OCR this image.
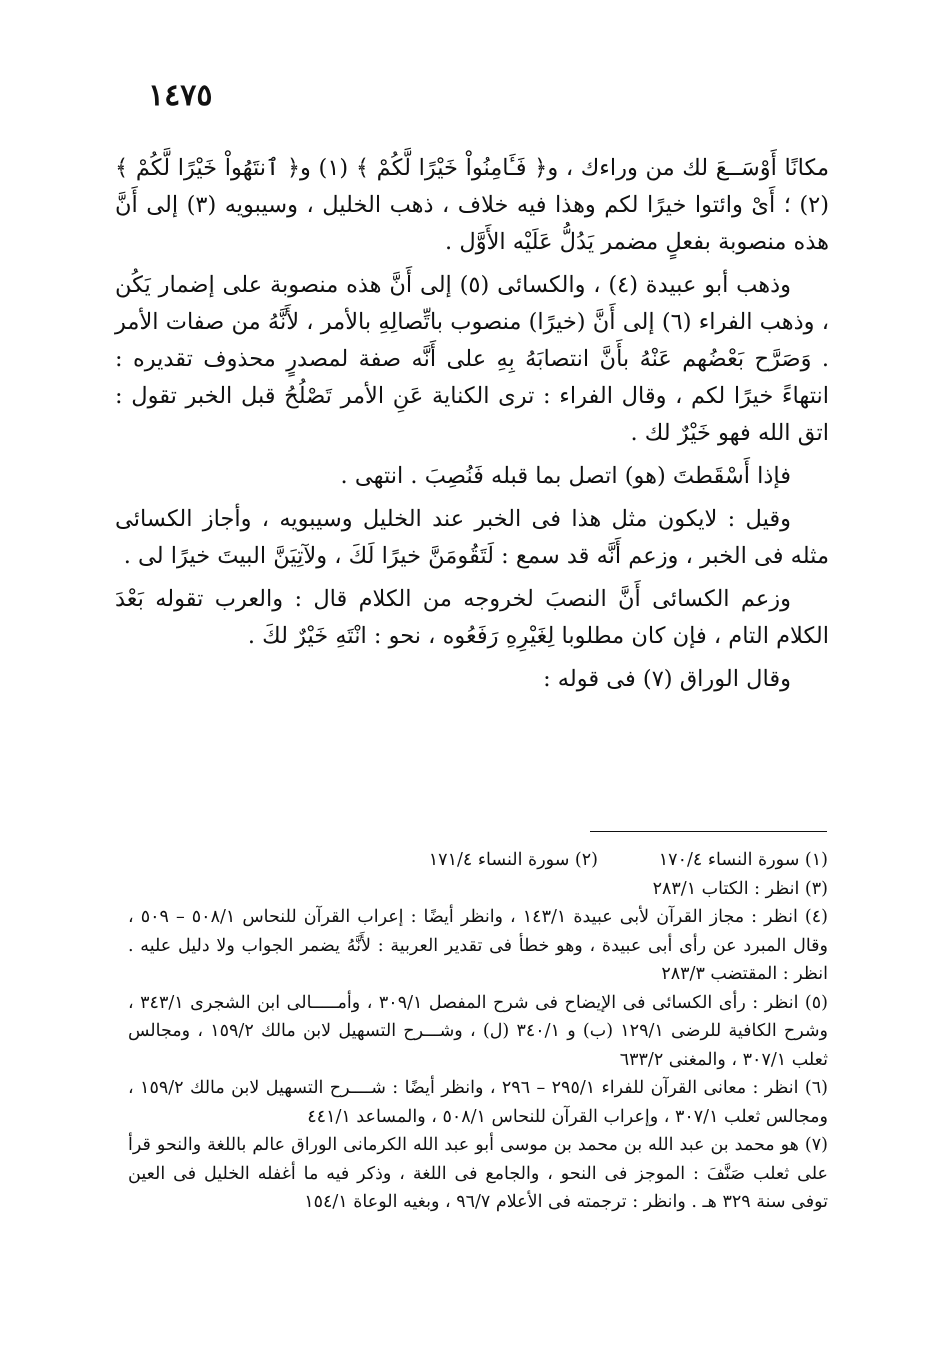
١٤٧٥

مكانًا أَوْسَــعَ لك من وراءك ، و﴿ فَـَٔامِنُواْ خَيْرًا لَّكُمْ ﴾ (١) و﴿ ٱنتَهُواْ خَيْرًا لَّكُمْ ﴾ (٢) ؛ أَىْ وائتوا خيرًا لكم وهذا فيه خلاف ، ذهب الخليل ، وسيبويه (٣) إلى أَنَّ هذه منصوبة بفعلٍ مضمر يَدُلُّ عَلَيْه الأَوَّل .

وذهب أبو عبيدة (٤) ، والكسائى (٥) إلى أَنَّ هذه منصوبة على إضمار يَكُن ، وذهب الفراء (٦) إلى أَنَّ (خيرًا) منصوب باتِّصالِهِ بالأمر ، لأَنَّهُ من صفات الأمر . وَصَرَّح بَعْضُهم عَنْهُ بأَنَّ انتصابَهُ بِهِ على أَنَّه صفة لمصدرٍ محذوف تقديره : انتهاءً خيرًا لكم ، وقال الفراء : ترى الكناية عَنِ الأمر تَصْلُحُ قبل الخبر تقول : اتق الله فهو خَيْرٌ لك .

فإذا أَسْقَطتَ (هو) اتصل بما قبله فَنُصِبَ . انتهى .

وقيل : لايكون مثل هذا فى الخبر عند الخليل وسيبويه ، وأجاز الكسائى مثله فى الخبر ، وزعم أَنَّه قد سمع : لَتَقُومَنَّ خيرًا لَكَ ، ولآتِيَنَّ البيتَ خيرًا لى .

وزعم الكسائى أَنَّ النصبَ لخروجه من الكلام قال : والعرب تقوله بَعْدَ الكلام التام ، فإن كان مطلوبا لِغَيْرِهِ رَفَعُوه ، نحو : انْتَهِ خَيْرٌ لكَ .

وقال الوراق (٧) فى قوله :

(١) سورة النساء ١٧٠/٤
(٢) سورة النساء ١٧١/٤

(٣) انظر : الكتاب ٢٨٣/١

(٤) انظر : مجاز القرآن لأبى عبيدة ١٤٣/١ ، وانظر أيضًا : إعراب القرآن للنحاس ٥٠٨/١ – ٥٠٩ ، وقال المبرد عن رأى أبى عبيدة ، وهو خطأ فى تقدير العربية : لأَنَّهُ يضمر الجواب ولا دليل عليه . انظر : المقتضب ٢٨٣/٣

(٥) انظر : رأى الكسائى فى الإيضاح فى شرح المفصل ٣٠٩/١ ، وأمـــــالى ابن الشجرى ٣٤٣/١ ، وشرح الكافية للرضى ١٢٩/١ (ب) و ٣٤٠/١ (ل) ، وشـــرح التسهيل لابن مالك ١٥٩/٢ ، ومجالس ثعلب ٣٠٧/١ ، والمغنى ٦٣٣/٢

(٦) انظر : معانى القرآن للفراء ٢٩٥/١ – ٢٩٦ ، وانظر أيضًا : شــــرح التسهيل لابن مالك ١٥٩/٢ ، ومجالس ثعلب ٣٠٧/١ ، وإعراب القرآن للنحاس ٥٠٨/١ ، والمساعد ٤٤١/١

(٧) هو محمد بن عبد الله بن محمد بن موسى أبو عبد الله الكرمانى الوراق عالم باللغة والنحو قرأ على ثعلب صَنَّفَ : الموجز فى النحو ، والجامع فى اللغة ، وذكر فيه ما أغفله الخليل فى العين توفى سنة ٣٢٩ هـ . وانظر : ترجمته فى الأعلام ٩٦/٧ ، وبغيه الوعاة ١٥٤/١
